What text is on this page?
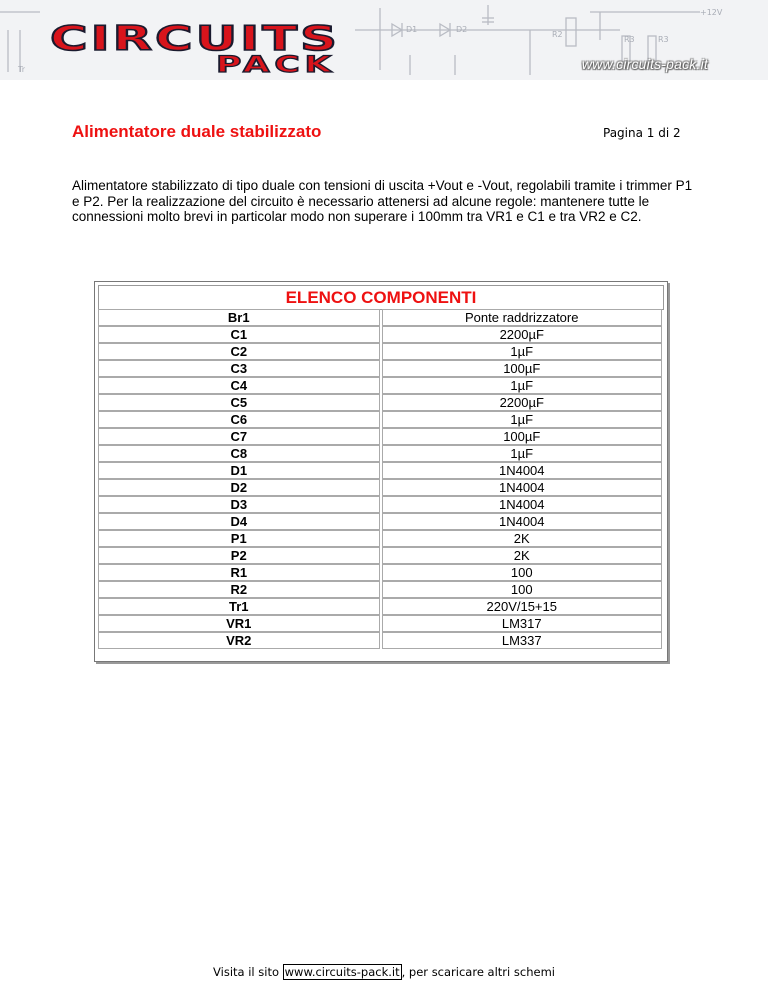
D1	D2
R2
R3	R3
+12V
Tr
CIRCUITS
PACK	www.circuits-pack.it
Alimentatore duale stabilizzato	Pagina 1 di 2
Alimentatore stabilizzato di tipo duale con tensioni di uscita +Vout e -Vout, regolabili tramite i trimmer P1 e P2. Per la realizzazione del circuito è necessario attenersi ad alcune regole: mantenere tutte le connessioni molto brevi in particolar modo non superare i 100mm tra VR1 e C1 e tra VR2 e C2.
ELENCO COMPONENTI
Br1	Ponte raddrizzatore
C1	2200µF
C2	1µF
C3	100µF
C4	1µF
C5	2200µF
C6	1µF
C7	100µF
C8	1µF
D1	1N4004
D2	1N4004
D3	1N4004
D4	1N4004
P1	2K
P2	2K
R1	100
R2	100
Tr1	220V/15+15
VR1	LM317
VR2	LM337
Visita il sito www.circuits-pack.it , per scaricare altri schemi
